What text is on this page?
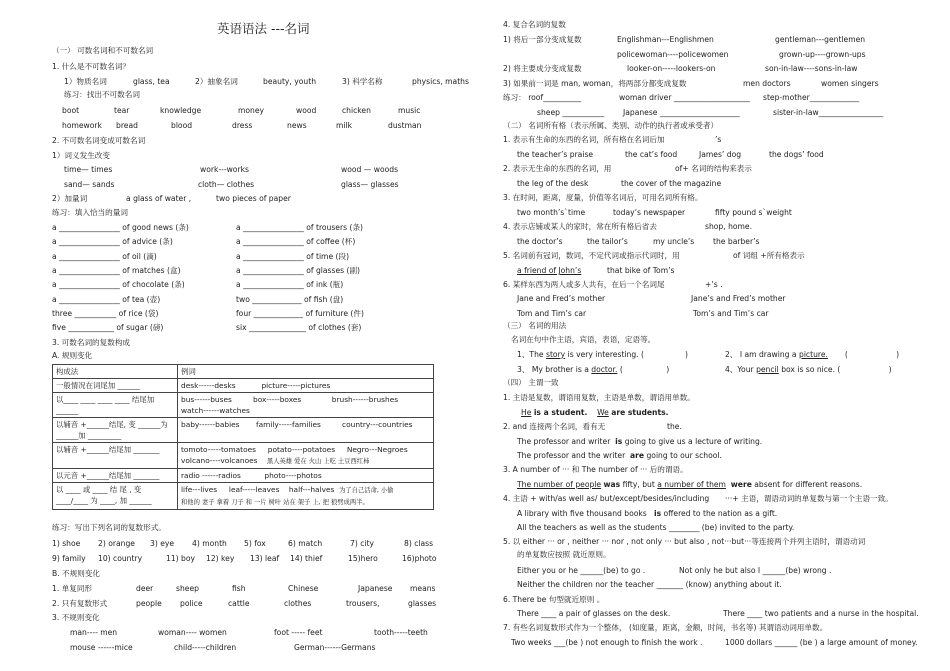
英语语法 ---名词
（一） 可数名词和不可数名词
1. 什么是不可数名词？
1）物质名词	glass, tea	2）抽象名词	beauty, youth	3) 科学名称	physics, maths
练习：找出不可数名词
boot	tear	knowledge	money	wood	chicken	music
homework bread	blood	dress	news	milk	dustman
2. 不可数名词变成可数名词
1）词义发生改变
time— times	work---works	wood — woods
sand— sands	cloth— clothes	glass— glasses
2）加量词	a glass of water ,	two pieces of paper
练习：填入恰当的量词
a ________________ of good news (条)	a ________________ of trousers (条)
a ________________ of advice (条)	a ________________ of coffee (杯)
a ________________ of oil (滴)	a ________________ of time (段)
a ________________ of matches (盒)	a ________________ of glasses (副)
a ________________ of chocolate (条)	a ________________ of ink (瓶)
a ________________ of tea (壶)	two _____________ of fish (盘)
three ___________ of rice (袋)	four _____________ of furniture (件)
five ____________ of sugar (磅)	six _______________ of clothes (套)
3. 可数名词的复数构成
A. 规则变化
构成法	例词
一般情况在词尾加 ______	desk------desks picture-----pictures
以____ ____ ____ ____ 结尾加______	bus------buses box-----boxes brush------brushes
watch------watches
以辅音 +______结尾, 变 ______为______加 _________	baby------babies family-----families country---countries
以辅音 +______结尾加 _______	tomoto-----tomatoes potato----potatoes Negro---Negroes
volcano----volcanoes 黑人英雄 爱在 火山 上吃 土豆西红柿
以元音 +______结尾加 _______	radio ------radios photo----photos
以 ____ 或 ____ 结 尾 , 变 ____/____ 为 ____, 加 ______	life---lives leaf-----leaves half---halves 为了自己活命, 小偷
和他的 妻子 拿着 刀子 和 一片 树叶 站在 架子 上, 把 狼劈成两半。
练习：写出下列名词的复数形式。
1) shoe 2) orange 3) eye 4) month 5) fox	6) match	7) city	8) class
9) family 10) country	11) boy 12) key 13) leaf 14) thief	15)hero	16)photo
B. 不规则变化
1. 单复同形	deer	sheep	fish	Chinese	Japanese means
2. 只有复数形式	people police	cattle	clothes	trousers,	glasses
3. 不规则变化
man---- men	woman---- women	foot ----- feet	tooth-----teeth
mouse ------mice	child-----children	German------Germans
4. 复合名词的复数
1) 将后一部分变成复数	Englishman---Englishmen	gentleman---gentlemen
policewoman----policewomen	grown-up----grown-ups
2) 将主要成分变成复数	looker-on-----lookers-on	son-in-law----sons-in-law
3) 如果前一词是 man, woman，将两部分都变成复数	men doctors	women singers
练习： roof__________	woman driver ____________________ step-mother_____________
sheep ___________ Japanese _____________________	sister-in-law_________________
（二） 名词所有格（表示所属、类别、动作的执行者或承受者）
1. 表示有生命的东西的名词，所有格在名词后加	’s
the teacher’s praise	the cat’s food	James’ dog	the dogs’ food
2. 表示无生命的东西的名词，用	of+ 名词的结构来表示
the leg of the desk	the cover of the magazine
3. 在时间，距离，度量，价值等名词后，可用名词所有格。
two month’s`time	today’s newspaper	fifty pound s`weight
4. 表示店铺或某人的家时，常在所有格后省去	shop, home.
the doctor’s	the tailor’s	my uncle’s the barber’s
5. 名词前有冠词，数词，不定代词或指示代词时，用	of 词组 +所有格表示
a friend of John’s	that bike of Tom’s
6. 某样东西为两人或多人共有，在后一个名词尾	+’s .
Jane and Fred’s mother	Jane’s and Fred’s mother
Tom and Tim’s car	Tom’s and Tim’s car
（三） 名词的用法
名词在句中作主语，宾语，表语，定语等。
1、The story is very interesting. (	)	2、 I am drawing a picture. (	)
3、 My brother is a doctor. (	)	4、Your pencil box is so nice. (	)
（四） 主谓一致
1. 主语是复数，谓语用复数，主语是单数，谓语用单数。
He is a student. We are students.
2. and 连接两个名词，看有无	the.
The professor and writer is going to give us a lecture of writing.
The professor and the writer are going to our school.
3. A number of ··· 和 The number of ··· 后的谓语。
The number of people was fifty, but a number of them were absent for different reasons.
4. 主语 + with/as well as/ but/except/besides/including ···+ 主语，谓语动词的单复数与第一个主语一致。
A library with five thousand books is offered to the nation as a gift.
All the teachers as well as the students ________ (be) invited to the party.
5. 以 either ··· or , neither ··· nor , not only ··· but also , not···but···等连接两个并列主语时，谓语动词
的单复数应按照 就近原则。
Either you or he ______(be) to go .	Not only he but also I ______(be) wrong .
Neither the children nor the teacher _______ (know) anything about it.
6. There be 句型就近原则 。
There ____ a pair of glasses on the desk.	There ____ two patients and a nurse in the hospital.
7. 有些名词复数形式作为一个整体， (如度量，距离，金额，时间，书名等) 其谓语动词用单数。
Two weeks ___(be ) not enough to finish the work .	1000 dollars ______ (be ) a large amount of money.
